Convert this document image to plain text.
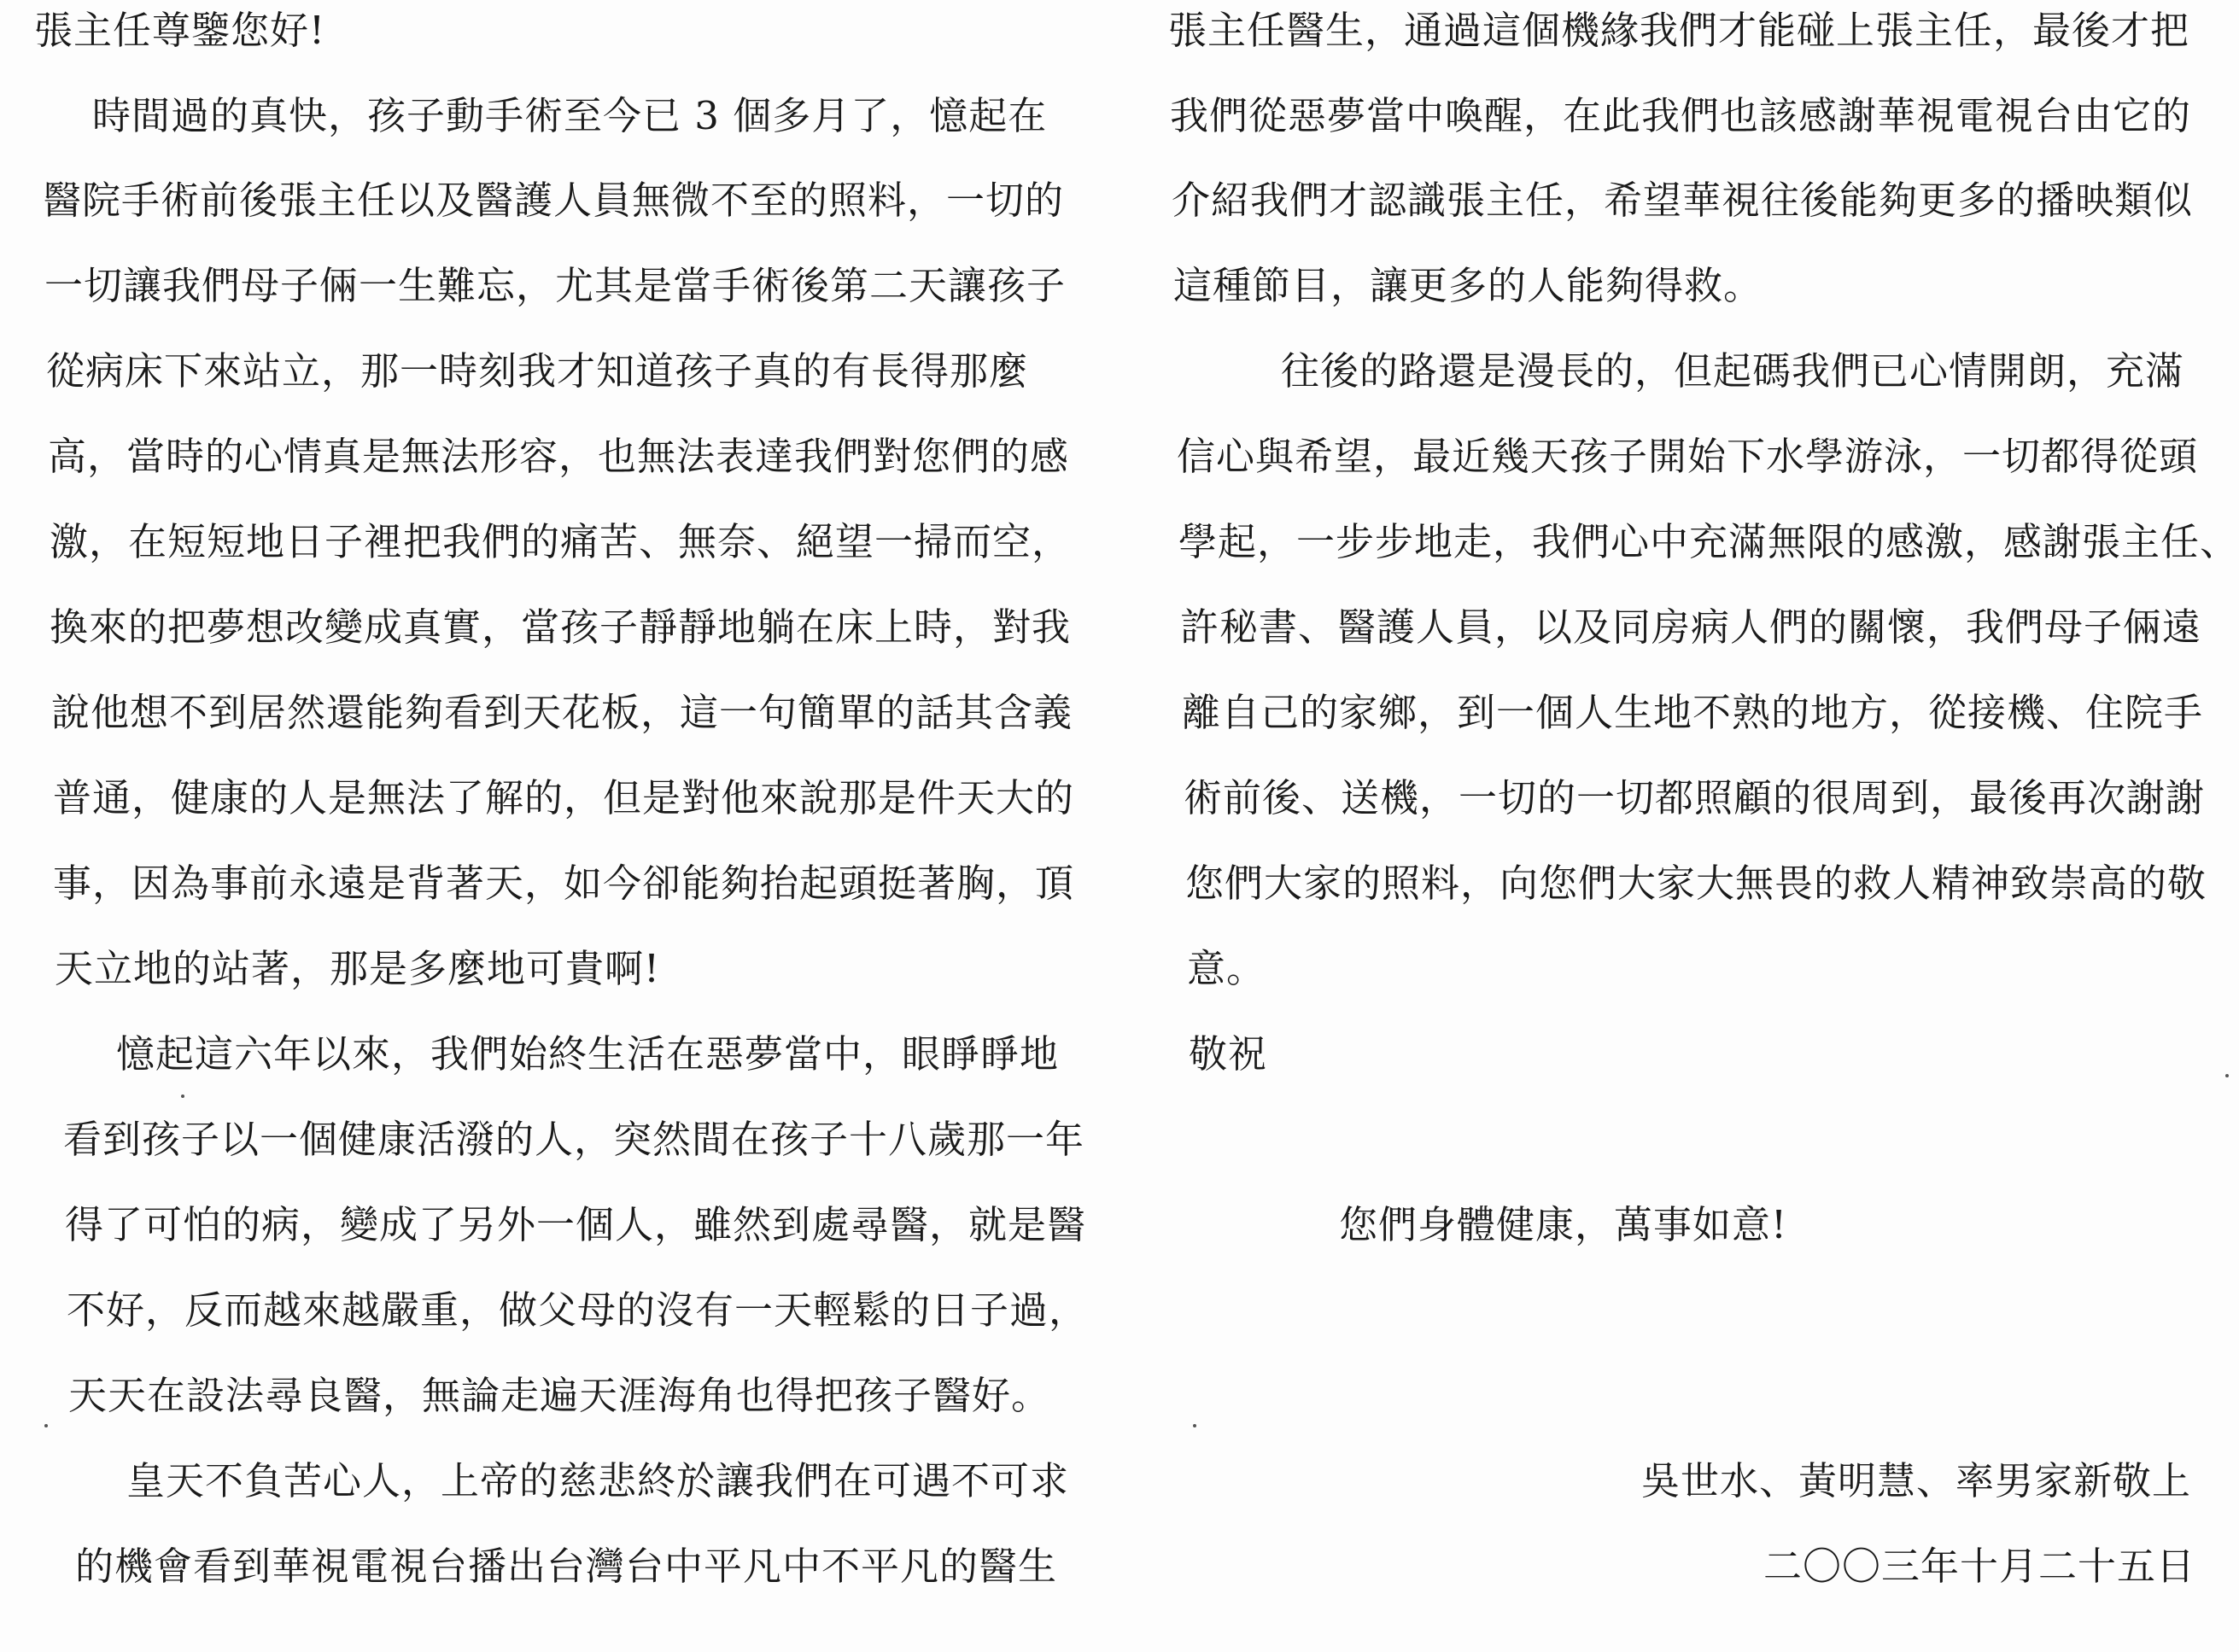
張主任尊鑒您好!
時間過的真快，孩子動手術至今已 3 個多月了，憶起在
醫院手術前後張主任以及醫護人員無微不至的照料，一切的
一切讓我們母子倆一生難忘，尤其是當手術後第二天讓孩子
從病床下來站立，那一時刻我才知道孩子真的有長得那麼
高，當時的心情真是無法形容，也無法表達我們對您們的感
激，在短短地日子裡把我們的痛苦、無奈、絕望一掃而空，
換來的把夢想改變成真實，當孩子靜靜地躺在床上時，對我
說他想不到居然還能夠看到天花板，這一句簡單的話其含義
普通，健康的人是無法了解的，但是對他來說那是件天大的
事，因為事前永遠是背著天，如今卻能夠抬起頭挺著胸，頂
天立地的站著，那是多麼地可貴啊!
憶起這六年以來，我們始終生活在惡夢當中，眼睜睜地
看到孩子以一個健康活潑的人，突然間在孩子十八歲那一年
得了可怕的病，變成了另外一個人，雖然到處尋醫，就是醫
不好，反而越來越嚴重，做父母的沒有一天輕鬆的日子過，
天天在設法尋良醫，無論走遍天涯海角也得把孩子醫好。
皇天不負苦心人，上帝的慈悲終於讓我們在可遇不可求
的機會看到華視電視台播出台灣台中平凡中不平凡的醫生
張主任醫生，通過這個機緣我們才能碰上張主任，最後才把
我們從惡夢當中喚醒，在此我們也該感謝華視電視台由它的
介紹我們才認識張主任，希望華視往後能夠更多的播映類似
這種節目，讓更多的人能夠得救。
往後的路還是漫長的，但起碼我們已心情開朗，充滿
信心與希望，最近幾天孩子開始下水學游泳，一切都得從頭
學起，一步步地走，我們心中充滿無限的感激，感謝張主任、
許秘書、醫護人員，以及同房病人們的關懷，我們母子倆遠
離自己的家鄉，到一個人生地不熟的地方，從接機、住院手
術前後、送機，一切的一切都照顧的很周到，最後再次謝謝
您們大家的照料，向您們大家大無畏的救人精神致崇高的敬
意。
敬祝
您們身體健康，萬事如意!
吳世水、黃明慧、率男家新敬上
二〇〇三年十月二十五日
